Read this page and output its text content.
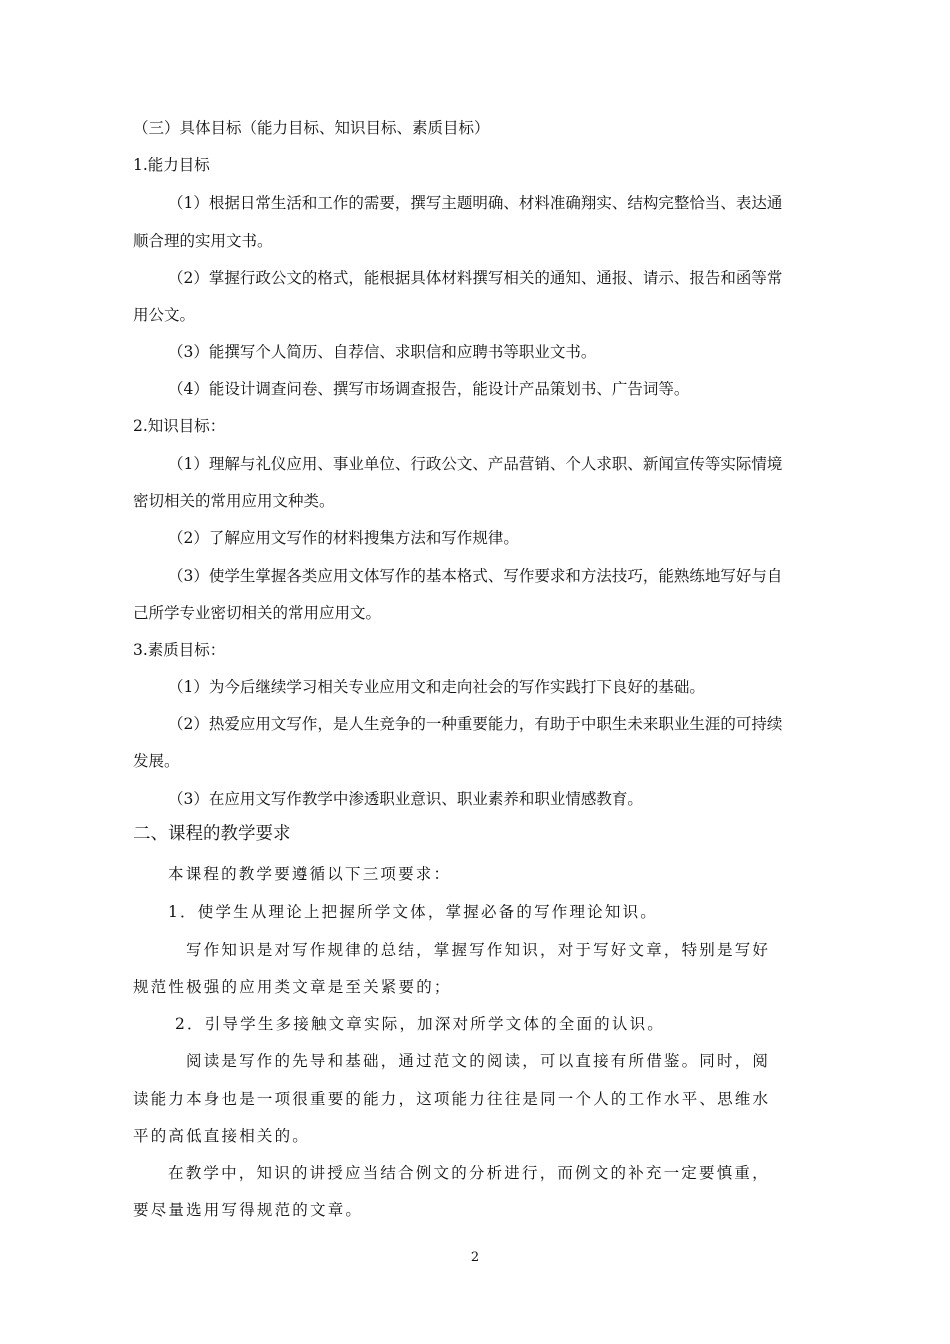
（三）具体目标（能力目标、知识目标、素质目标）
1.能力目标
（1）根据日常生活和工作的需要，撰写主题明确、材料准确翔实、结构完整恰当、表达通
顺合理的实用文书。
（2）掌握行政公文的格式，能根据具体材料撰写相关的通知、通报、请示、报告和函等常
用公文。
（3）能撰写个人简历、自荐信、求职信和应聘书等职业文书。
（4）能设计调查问卷、撰写市场调查报告，能设计产品策划书、广告词等。
2.知识目标：
（1）理解与礼仪应用、事业单位、行政公文、产品营销、个人求职、新闻宣传等实际情境
密切相关的常用应用文种类。
（2）了解应用文写作的材料搜集方法和写作规律。
（3）使学生掌握各类应用文体写作的基本格式、写作要求和方法技巧，能熟练地写好与自
己所学专业密切相关的常用应用文。
3.素质目标：
（1）为今后继续学习相关专业应用文和走向社会的写作实践打下良好的基础。
（2）热爱应用文写作，是人生竞争的一种重要能力，有助于中职生未来职业生涯的可持续
发展。
（3）在应用文写作教学中渗透职业意识、职业素养和职业情感教育。
二、课程的教学要求
本课程的教学要遵循以下三项要求：
1．使学生从理论上把握所学文体，掌握必备的写作理论知识。
写作知识是对写作规律的总结，掌握写作知识，对于写好文章，特别是写好
规范性极强的应用类文章是至关紧要的；
2．引导学生多接触文章实际，加深对所学文体的全面的认识。
阅读是写作的先导和基础，通过范文的阅读，可以直接有所借鉴。同时，阅
读能力本身也是一项很重要的能力，这项能力往往是同一个人的工作水平、思维水
平的高低直接相关的。
在教学中，知识的讲授应当结合例文的分析进行，而例文的补充一定要慎重，
要尽量选用写得规范的文章。
2
